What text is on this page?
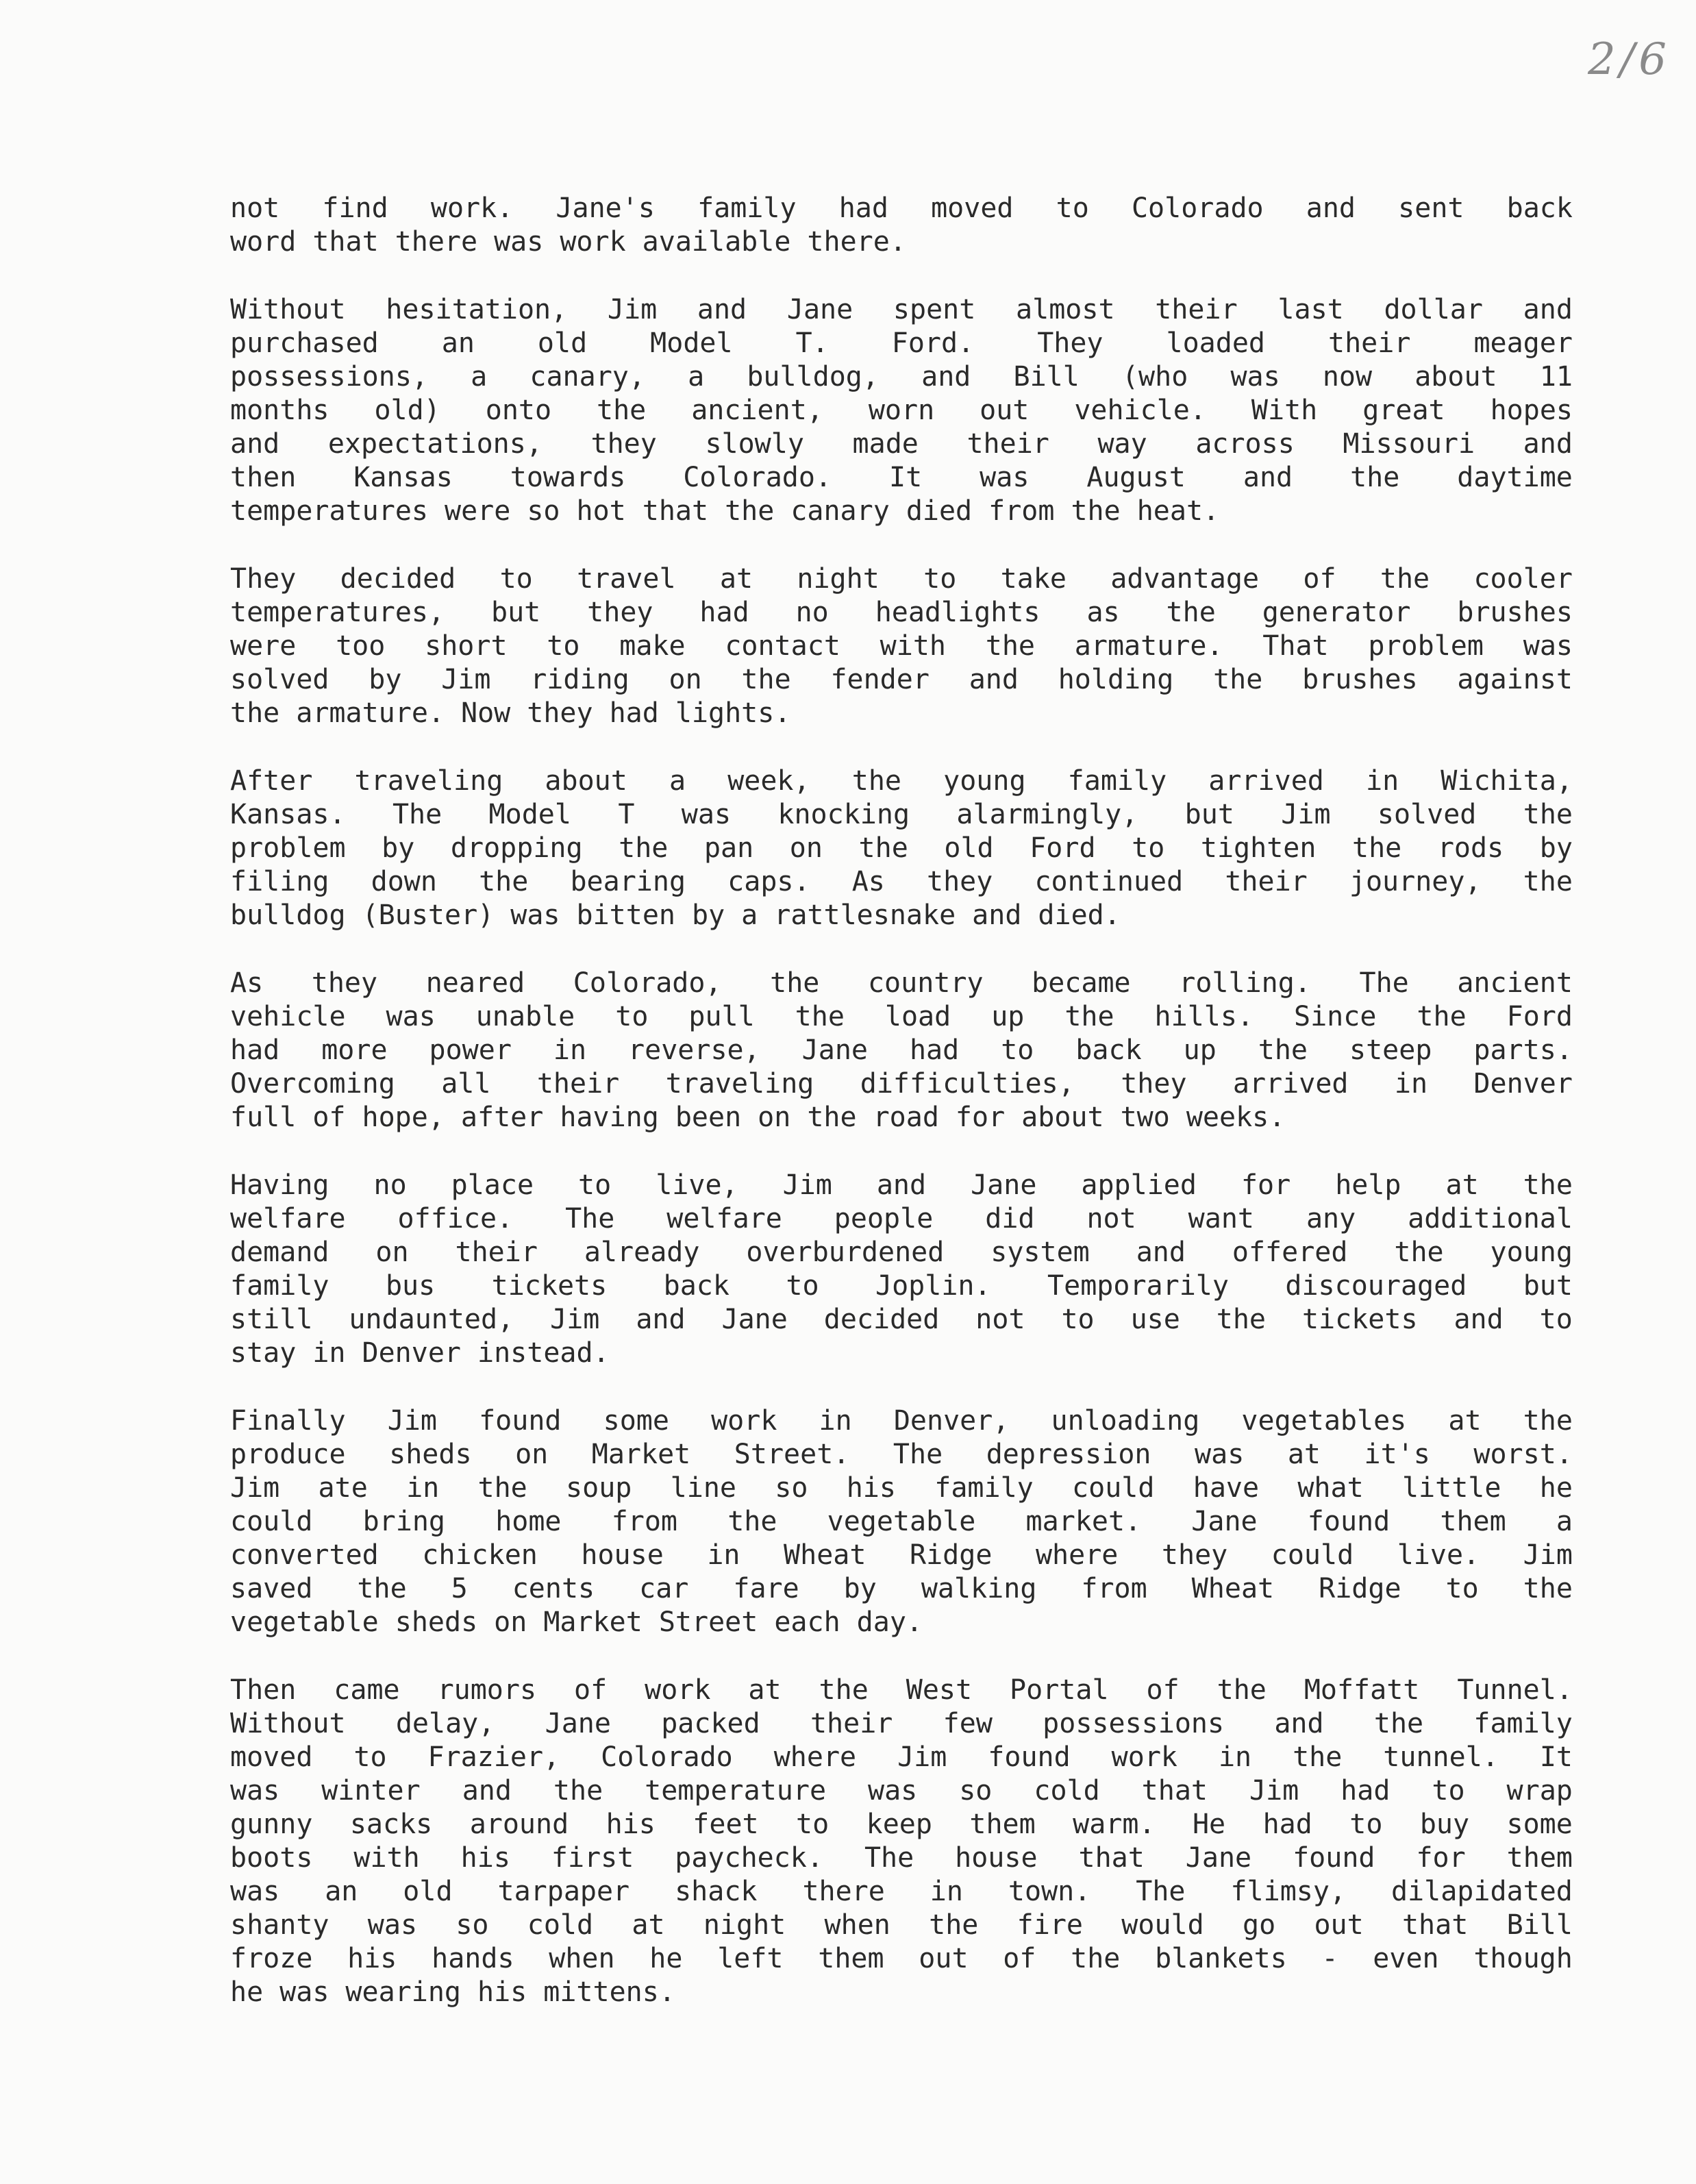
2/6
not find work. Jane's family had moved to Colorado and sent back
word that there was work available there.
Without hesitation, Jim and Jane spent almost their last dollar and
purchased an old Model T. Ford. They loaded their meager
possessions, a canary, a bulldog, and Bill (who was now about 11
months old) onto the ancient, worn out vehicle. With great hopes
and expectations, they slowly made their way across Missouri and
then Kansas towards Colorado. It was August and the daytime
temperatures were so hot that the canary died from the heat.
They decided to travel at night to take advantage of the cooler
temperatures, but they had no headlights as the generator brushes
were too short to make contact with the armature. That problem was
solved by Jim riding on the fender and holding the brushes against
the armature. Now they had lights.
After traveling about a week, the young family arrived in Wichita,
Kansas. The Model T was knocking alarmingly, but Jim solved the
problem by dropping the pan on the old Ford to tighten the rods by
filing down the bearing caps. As they continued their journey, the
bulldog (Buster) was bitten by a rattlesnake and died.
As they neared Colorado, the country became rolling. The ancient
vehicle was unable to pull the load up the hills. Since the Ford
had more power in reverse, Jane had to back up the steep parts.
Overcoming all their traveling difficulties, they arrived in Denver
full of hope, after having been on the road for about two weeks.
Having no place to live, Jim and Jane applied for help at the
welfare office. The welfare people did not want any additional
demand on their already overburdened system and offered the young
family bus tickets back to Joplin. Temporarily discouraged but
still undaunted, Jim and Jane decided not to use the tickets and to
stay in Denver instead.
Finally Jim found some work in Denver, unloading vegetables at the
produce sheds on Market Street. The depression was at it's worst.
Jim ate in the soup line so his family could have what little he
could bring home from the vegetable market. Jane found them a
converted chicken house in Wheat Ridge where they could live. Jim
saved the 5 cents car fare by walking from Wheat Ridge to the
vegetable sheds on Market Street each day.
Then came rumors of work at the West Portal of the Moffatt Tunnel.
Without delay, Jane packed their few possessions and the family
moved to Frazier, Colorado where Jim found work in the tunnel. It
was winter and the temperature was so cold that Jim had to wrap
gunny sacks around his feet to keep them warm. He had to buy some
boots with his first paycheck. The house that Jane found for them
was an old tarpaper shack there in town. The flimsy, dilapidated
shanty was so cold at night when the fire would go out that Bill
froze his hands when he left them out of the blankets - even though
he was wearing his mittens.
